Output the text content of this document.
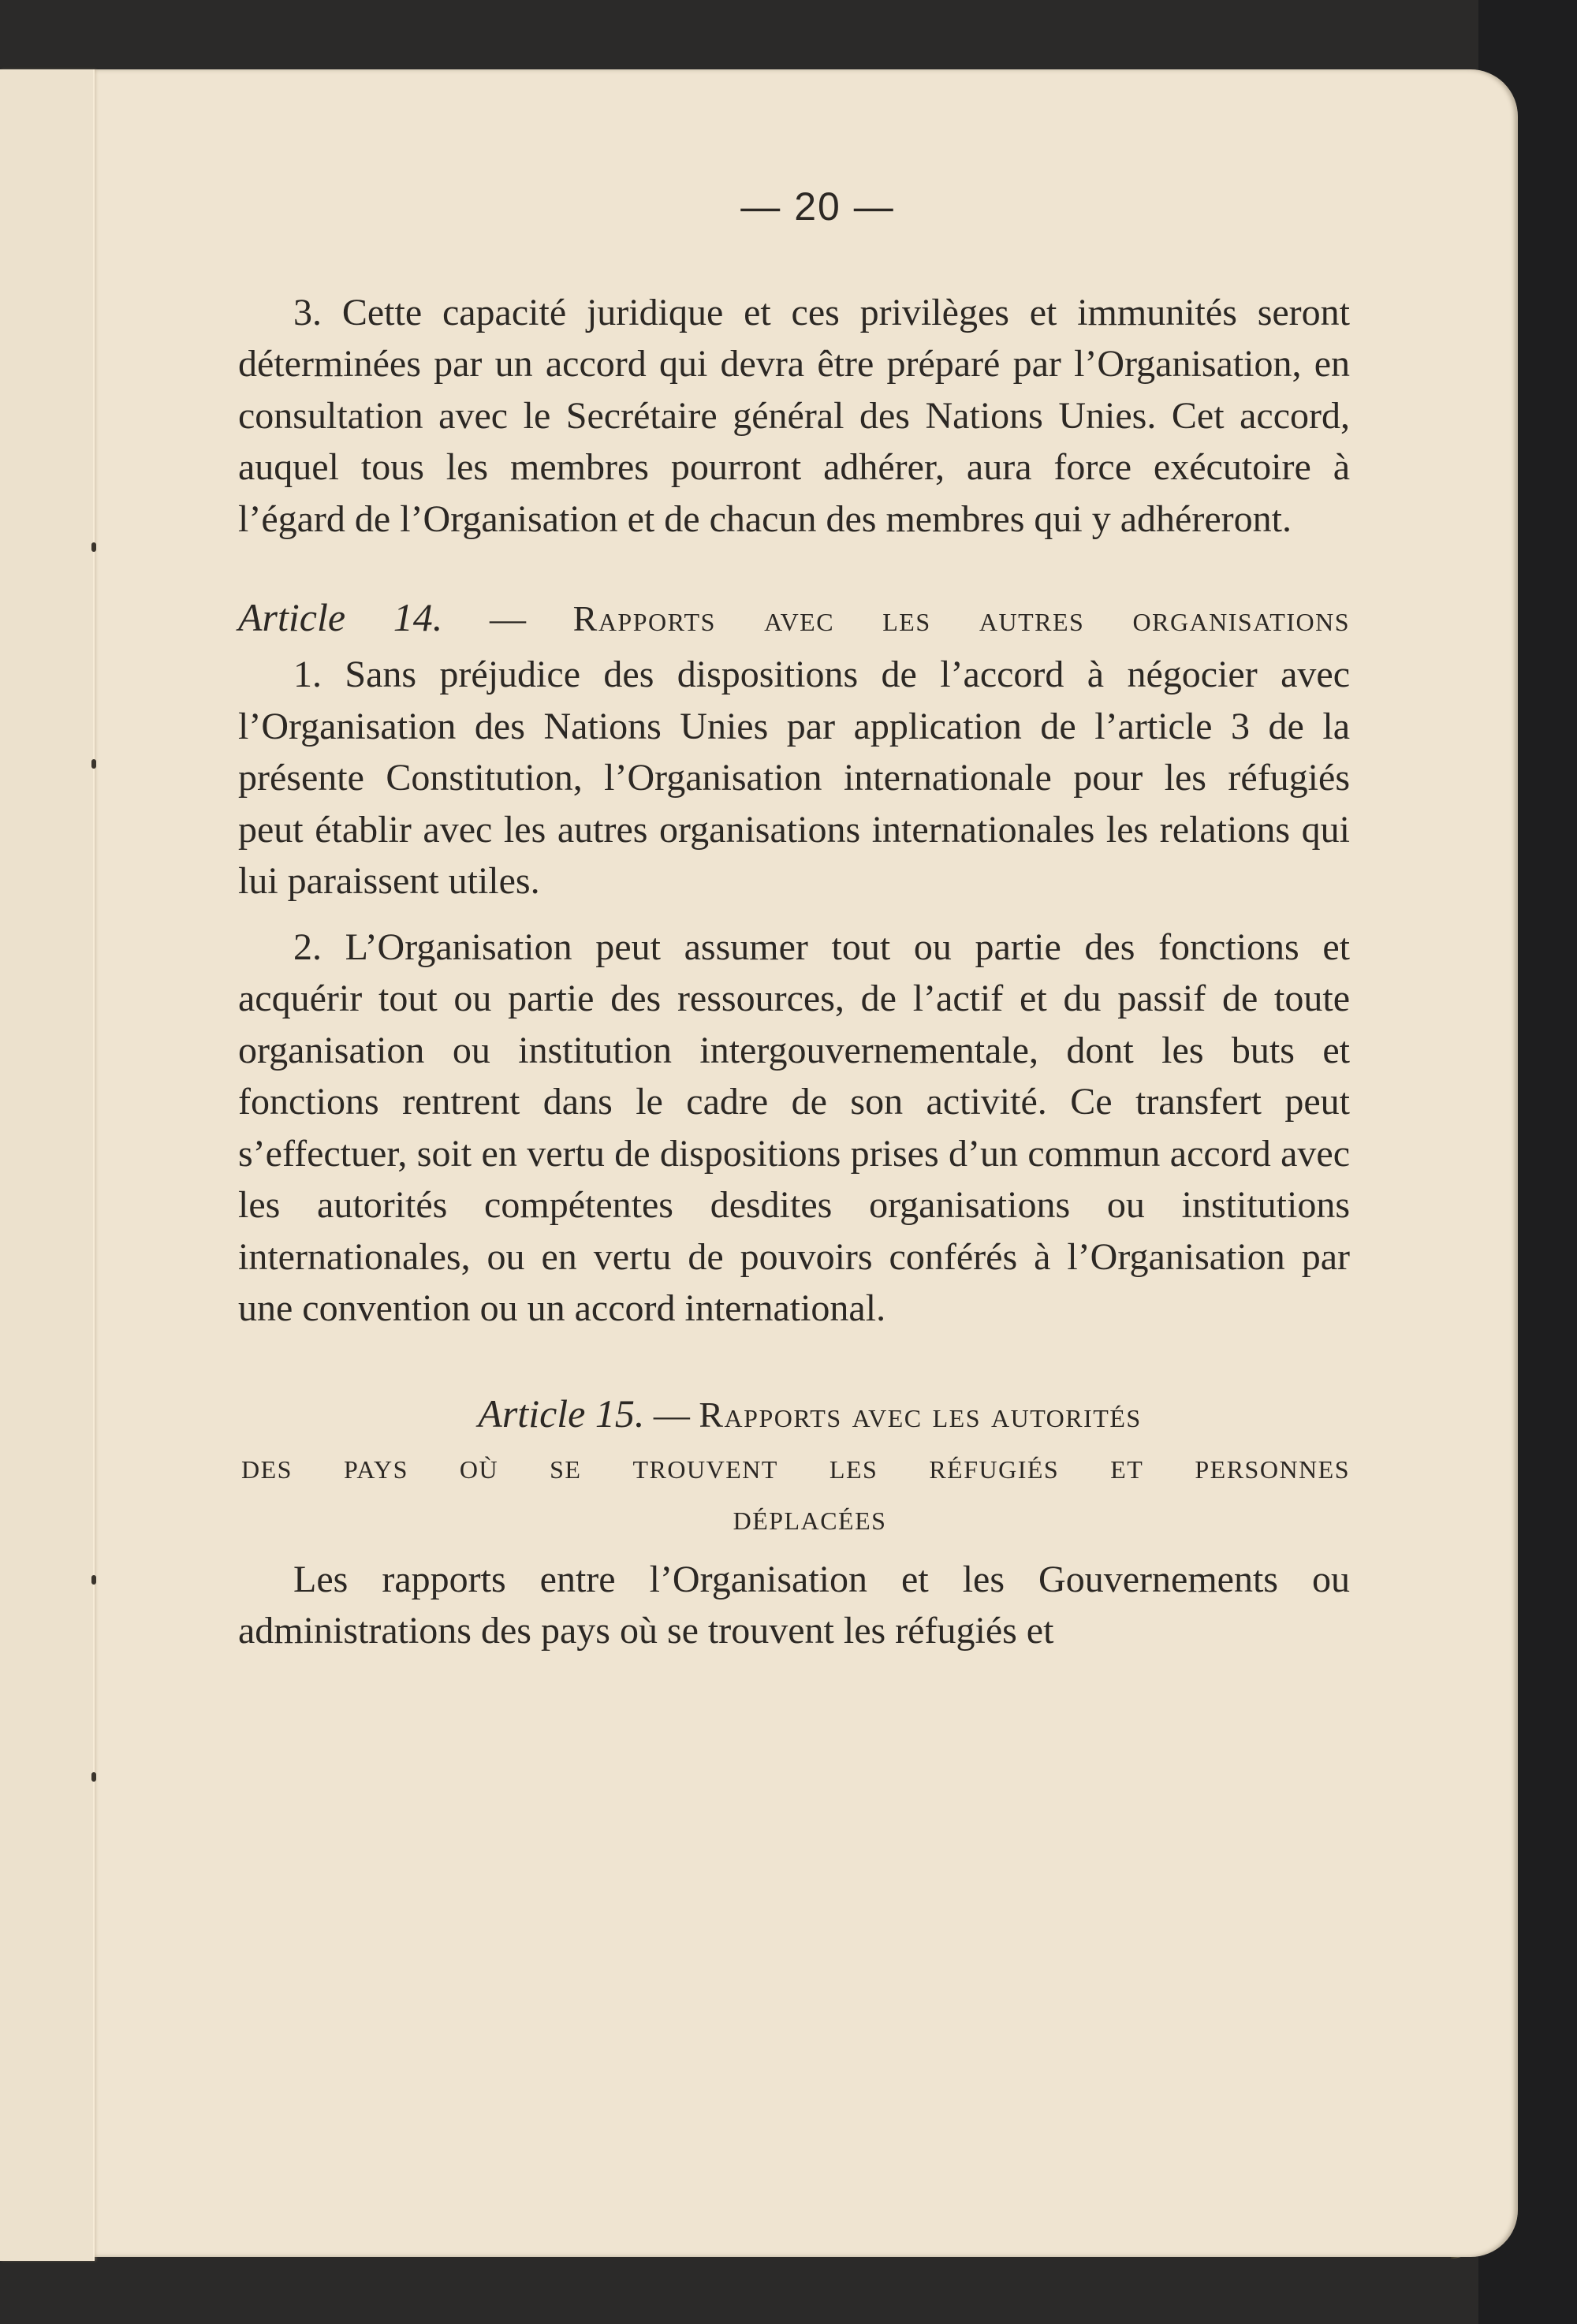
— 20 —

3. Cette capacité juridique et ces privilèges et immunités seront déterminées par un accord qui devra être préparé par l’Organisation, en consultation avec le Secrétaire général des Nations Unies. Cet accord, auquel tous les membres pourront adhérer, aura force exécutoire à l’égard de l’Organisation et de chacun des membres qui y adhéreront.

Article 14. — Rapports avec les autres organisations

1. Sans préjudice des dispositions de l’accord à négocier avec l’Organisation des Nations Unies par application de l’article 3 de la présente Constitution, l’Organisation internationale pour les réfugiés peut établir avec les autres organisations internationales les relations qui lui paraissent utiles.

2. L’Organisation peut assumer tout ou partie des fonctions et acquérir tout ou partie des ressources, de l’actif et du passif de toute organisation ou institution intergouvernementale, dont les buts et fonctions rentrent dans le cadre de son activité. Ce transfert peut s’effectuer, soit en vertu de dispositions prises d’un commun accord avec les autorités compétentes desdites organisations ou institutions internationales, ou en vertu de pouvoirs conférés à l’Organisation par une convention ou un accord international.

Article 15. — Rapports avec les autorités
des pays où se trouvent les réfugiés et personnes
déplacées

Les rapports entre l’Organisation et les Gouvernements ou administrations des pays où se trouvent les réfugiés et
